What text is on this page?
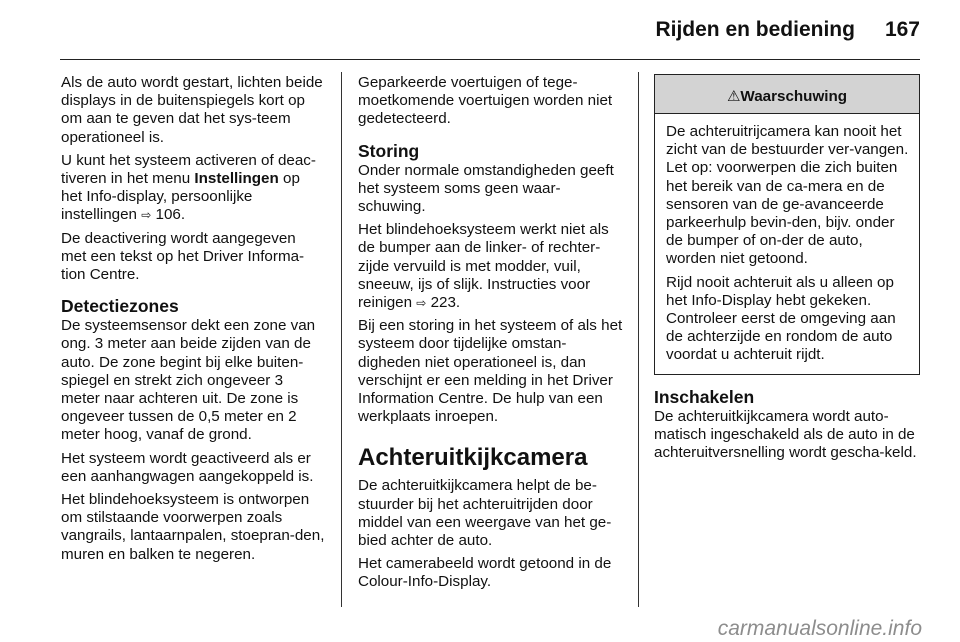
Rijden en bediening 167

Als de auto wordt gestart, lichten beide displays in de buitenspiegels kort op om aan te geven dat het sys-teem operationeel is.

U kunt het systeem activeren of deac-tiveren in het menu Instellingen op het Info-display, persoonlijke instellingen ⇨ 106.

De deactivering wordt aangegeven met een tekst op het Driver Informa-tion Centre.

Detectiezones

De systeemsensor dekt een zone van ong. 3 meter aan beide zijden van de auto. De zone begint bij elke buiten-spiegel en strekt zich ongeveer 3 meter naar achteren uit. De zone is ongeveer tussen de 0,5 meter en 2 meter hoog, vanaf de grond.

Het systeem wordt geactiveerd als er een aanhangwagen aangekoppeld is.

Het blindehoeksysteem is ontworpen om stilstaande voorwerpen zoals vangrails, lantaarnpalen, stoepran-den, muren en balken te negeren.

Geparkeerde voertuigen of tege-moetkomende voertuigen worden niet gedetecteerd.

Storing

Onder normale omstandigheden geeft het systeem soms geen waar-schuwing.

Het blindehoeksysteem werkt niet als de bumper aan de linker- of rechter-zijde vervuild is met modder, vuil, sneeuw, ijs of slijk. Instructies voor reinigen ⇨ 223.

Bij een storing in het systeem of als het systeem door tijdelijke omstan-digheden niet operationeel is, dan verschijnt er een melding in het Driver Information Centre. De hulp van een werkplaats inroepen.

Achteruitkijkcamera

De achteruitkijkcamera helpt de be-stuurder bij het achteruitrijden door middel van een weergave van het ge-bied achter de auto.

Het camerabeeld wordt getoond in de Colour-Info-Display.

⚠Waarschuwing

De achteruitrijcamera kan nooit het zicht van de bestuurder ver-vangen. Let op: voorwerpen die zich buiten het bereik van de ca-mera en de sensoren van de ge-avanceerde parkeerhulp bevin-den, bijv. onder de bumper of on-der de auto, worden niet getoond.

Rijd nooit achteruit als u alleen op het Info-Display hebt gekeken. Controleer eerst de omgeving aan de achterzijde en rondom de auto voordat u achteruit rijdt.

Inschakelen

De achteruitkijkcamera wordt auto-matisch ingeschakeld als de auto in de achteruitversnelling wordt gescha-keld.

carmanualsonline.info
